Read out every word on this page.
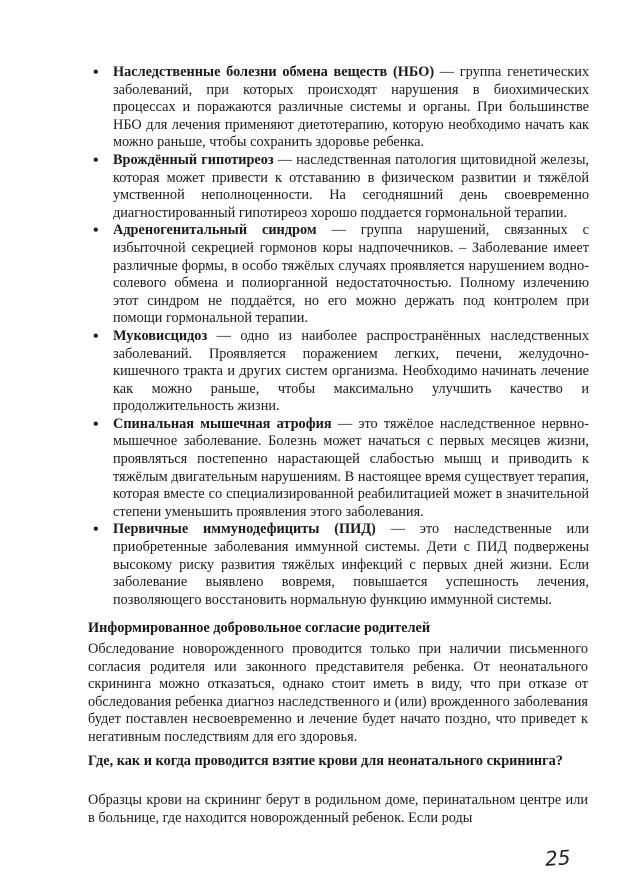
• Наследственные болезни обмена веществ (НБО) — группа генетических заболеваний, при которых происходят нарушения в биохимических процессах и поражаются различные системы и органы. При большинстве НБО для лечения применяют диетотерапию, которую необходимо начать как можно раньше, чтобы сохранить здоровье ребенка.
• Врождённый гипотиреоз — наследственная патология щитовидной железы, которая может привести к отставанию в физическом развитии и тяжёлой умственной неполноценности. На сегодняшний день своевременно диагностированный гипотиреоз хорошо поддается гормональной терапии.
• Адреногенитальный синдром — группа нарушений, связанных с избыточной секрецией гормонов коры надпочечников. – Заболевание имеет различные формы, в особо тяжёлых случаях проявляется нарушением водно-солевого обмена и полиорганной недостаточностью. Полному излечению этот синдром не поддаётся, но его можно держать под контролем при помощи гормональной терапии.
• Муковисцидоз — одно из наиболее распространённых наследственных заболеваний. Проявляется поражением легких, печени, желудочно-кишечного тракта и других систем организма. Необходимо начинать лечение как можно раньше, чтобы максимально улучшить качество и продолжительность жизни.
• Спинальная мышечная атрофия — это тяжёлое наследственное нервно-мышечное заболевание. Болезнь может начаться с первых месяцев жизни, проявляться постепенно нарастающей слабостью мышц и приводить к тяжёлым двигательным нарушениям. В настоящее время существует терапия, которая вместе со специализированной реабилитацией может в значительной степени уменьшить проявления этого заболевания.
• Первичные иммунодефициты (ПИД) — это наследственные или приобретенные заболевания иммунной системы. Дети с ПИД подвержены высокому риску развития тяжёлых инфекций с первых дней жизни. Если заболевание выявлено вовремя, повышается успешность лечения, позволяющего восстановить нормальную функцию иммунной системы.

Информированное добровольное согласие родителей

Обследование новорожденного проводится только при наличии письменного согласия родителя или законного представителя ребенка. От неонатального скрининга можно отказаться, однако стоит иметь в виду, что при отказе от обследования ребенка диагноз наследственного и (или) врожденного заболевания будет поставлен несвоевременно и лечение будет начато поздно, что приведет к негативным последствиям для его здоровья.

Где, как и когда проводится взятие крови для неонатального скрининга?

Образцы крови на скрининг берут в родильном доме, перинатальном центре или в больнице, где находится новорожденный ребенок. Если роды

25
